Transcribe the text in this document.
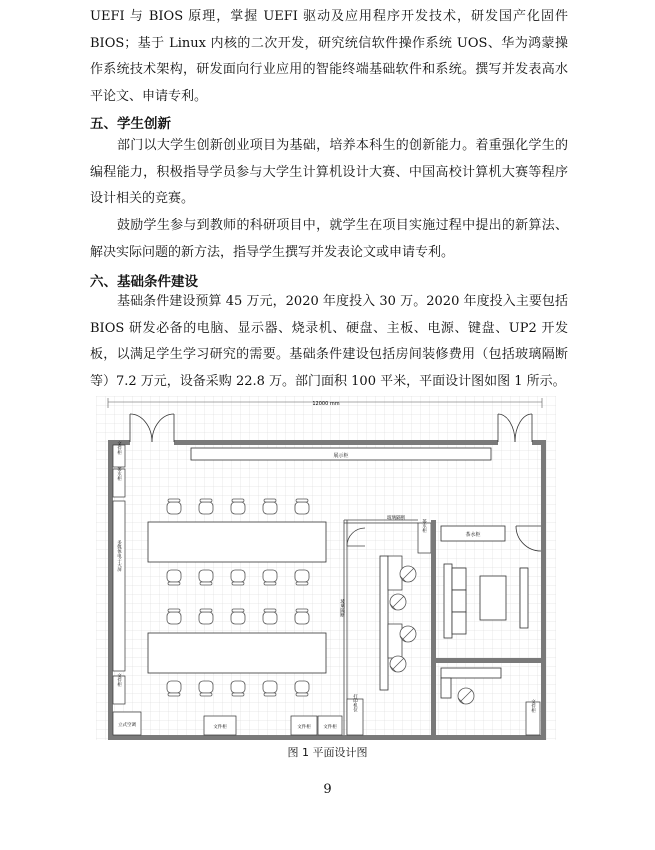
UEFI 与 BIOS 原理，掌握 UEFI 驱动及应用程序开发技术，研发国产化固件 BIOS；基于 Linux 内核的二次开发，研究统信软件操作系统 UOS、华为鸿蒙操作系统技术架构，研发面向行业应用的智能终端基础软件和系统。撰写并发表高水平论文、申请专利。

五、学生创新

部门以大学生创新创业项目为基础，培养本科生的创新能力。着重强化学生的编程能力，积极指导学员参与大学生计算机设计大赛、中国高校计算机大赛等程序设计相关的竞赛。

鼓励学生参与到教师的科研项目中，就学生在项目实施过程中提出的新算法、解决实际问题的新方法，指导学生撰写并发表论文或申请专利。

六、基础条件建设

基础条件建设预算 45 万元，2020 年度投入 30 万。2020 年度投入主要包括 BIOS 研发必备的电脑、显示器、烧录机、硬盘、主板、电源、键盘、UP2 开发板，以满足学生学习研究的需要。基础条件建设包括房间装修费用（包括玻璃隔断等）7.2 万元，设备采购 22.8 万。部门面积 100 平米，平面设计图如图 1 所示。

12000 mm
展示柜
文件柜
茶水柜
多媒体电子大屏
文件柜
立式空调	文件柜	文件柜	文件柜
玻璃隔断
玻璃隔断
打印机位
茶水柜
茶水柜
文件柜
图 1 平面设计图
9
